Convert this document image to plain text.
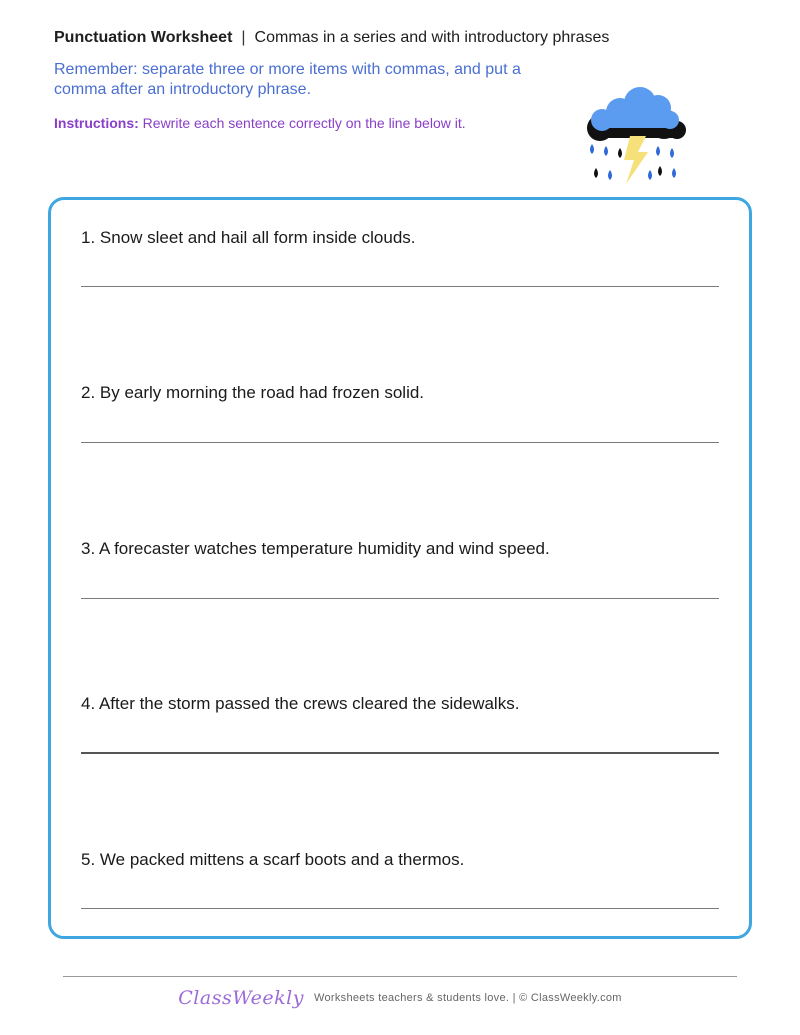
Punctuation Worksheet | Commas in a series and with introductory phrases
Remember: separate three or more items with commas, and put a comma after an introductory phrase.
Instructions: Rewrite each sentence correctly on the line below it.
1. Snow sleet and hail all form inside clouds.
2. By early morning the road had frozen solid.
3. A forecaster watches temperature humidity and wind speed.
4. After the storm passed the crews cleared the sidewalks.
5. We packed mittens a scarf boots and a thermos.
ClassWeekly Worksheets teachers & students love. | © ClassWeekly.com
